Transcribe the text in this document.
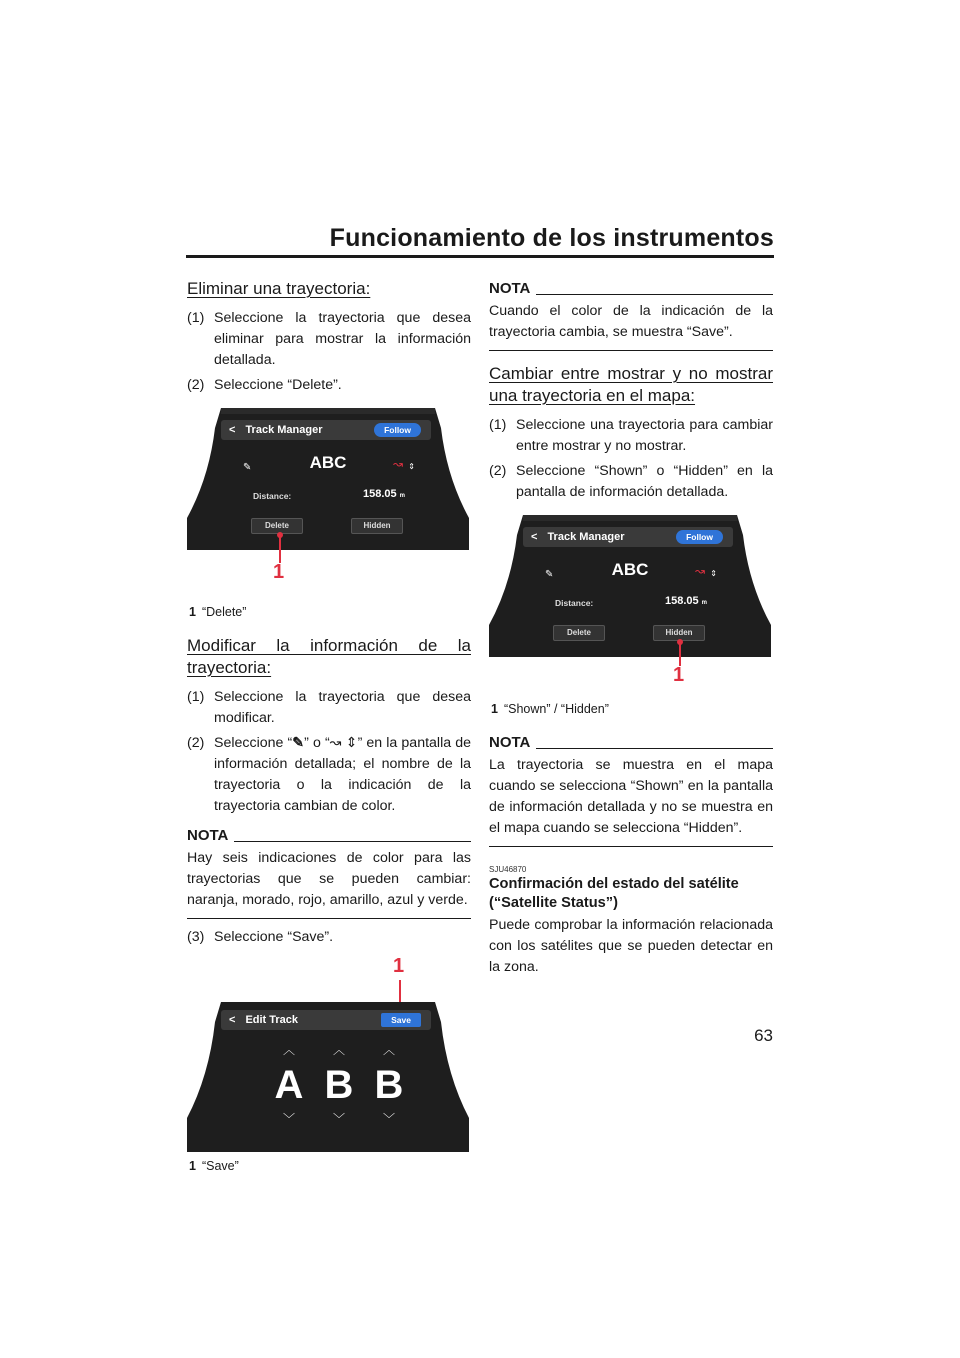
Funcionamiento de los instrumentos
Eliminar una trayectoria:
(1) Seleccione la trayectoria que desea eliminar para mostrar la información detallada.
(2) Seleccione “Delete”.
< Track Manager	Follow
✎	ABC	↝ ⇕
Distance:	158.05 m
Delete	Hidden
1
1 “Delete”
Modificar la información de la trayectoria:
(1) Seleccione la trayectoria que desea modificar.
(2) Seleccione “✎” o “↝ ⇕” en la pantalla de información detallada; el nombre de la trayectoria o la indicación de la trayectoria cambian de color.
NOTA
Hay seis indicaciones de color para las trayectorias que se pueden cambiar: naranja, morado, rojo, amarillo, azul y verde.
(3) Seleccione “Save”.
1
< Edit Track	Save
︿
A
﹀
︿
B
﹀
︿
B
﹀
1 “Save”
NOTA
Cuando el color de la indicación de la trayectoria cambia, se muestra “Save”.
Cambiar entre mostrar y no mostrar una trayectoria en el mapa:
(1) Seleccione una trayectoria para cambiar entre mostrar y no mostrar.
(2) Seleccione “Shown” o “Hidden” en la pantalla de información detallada.
< Track Manager	Follow
✎	ABC	↝ ⇕
Distance:	158.05 m
Delete	Hidden
1
1 “Shown” / “Hidden”
NOTA
La trayectoria se muestra en el mapa cuando se selecciona “Shown” en la pantalla de información detallada y no se muestra en el mapa cuando se selecciona “Hidden”.
SJU46870
Confirmación del estado del satélite (“Satellite Status”)
Puede comprobar la información relacionada con los satélites que se pueden detectar en la zona.
63
